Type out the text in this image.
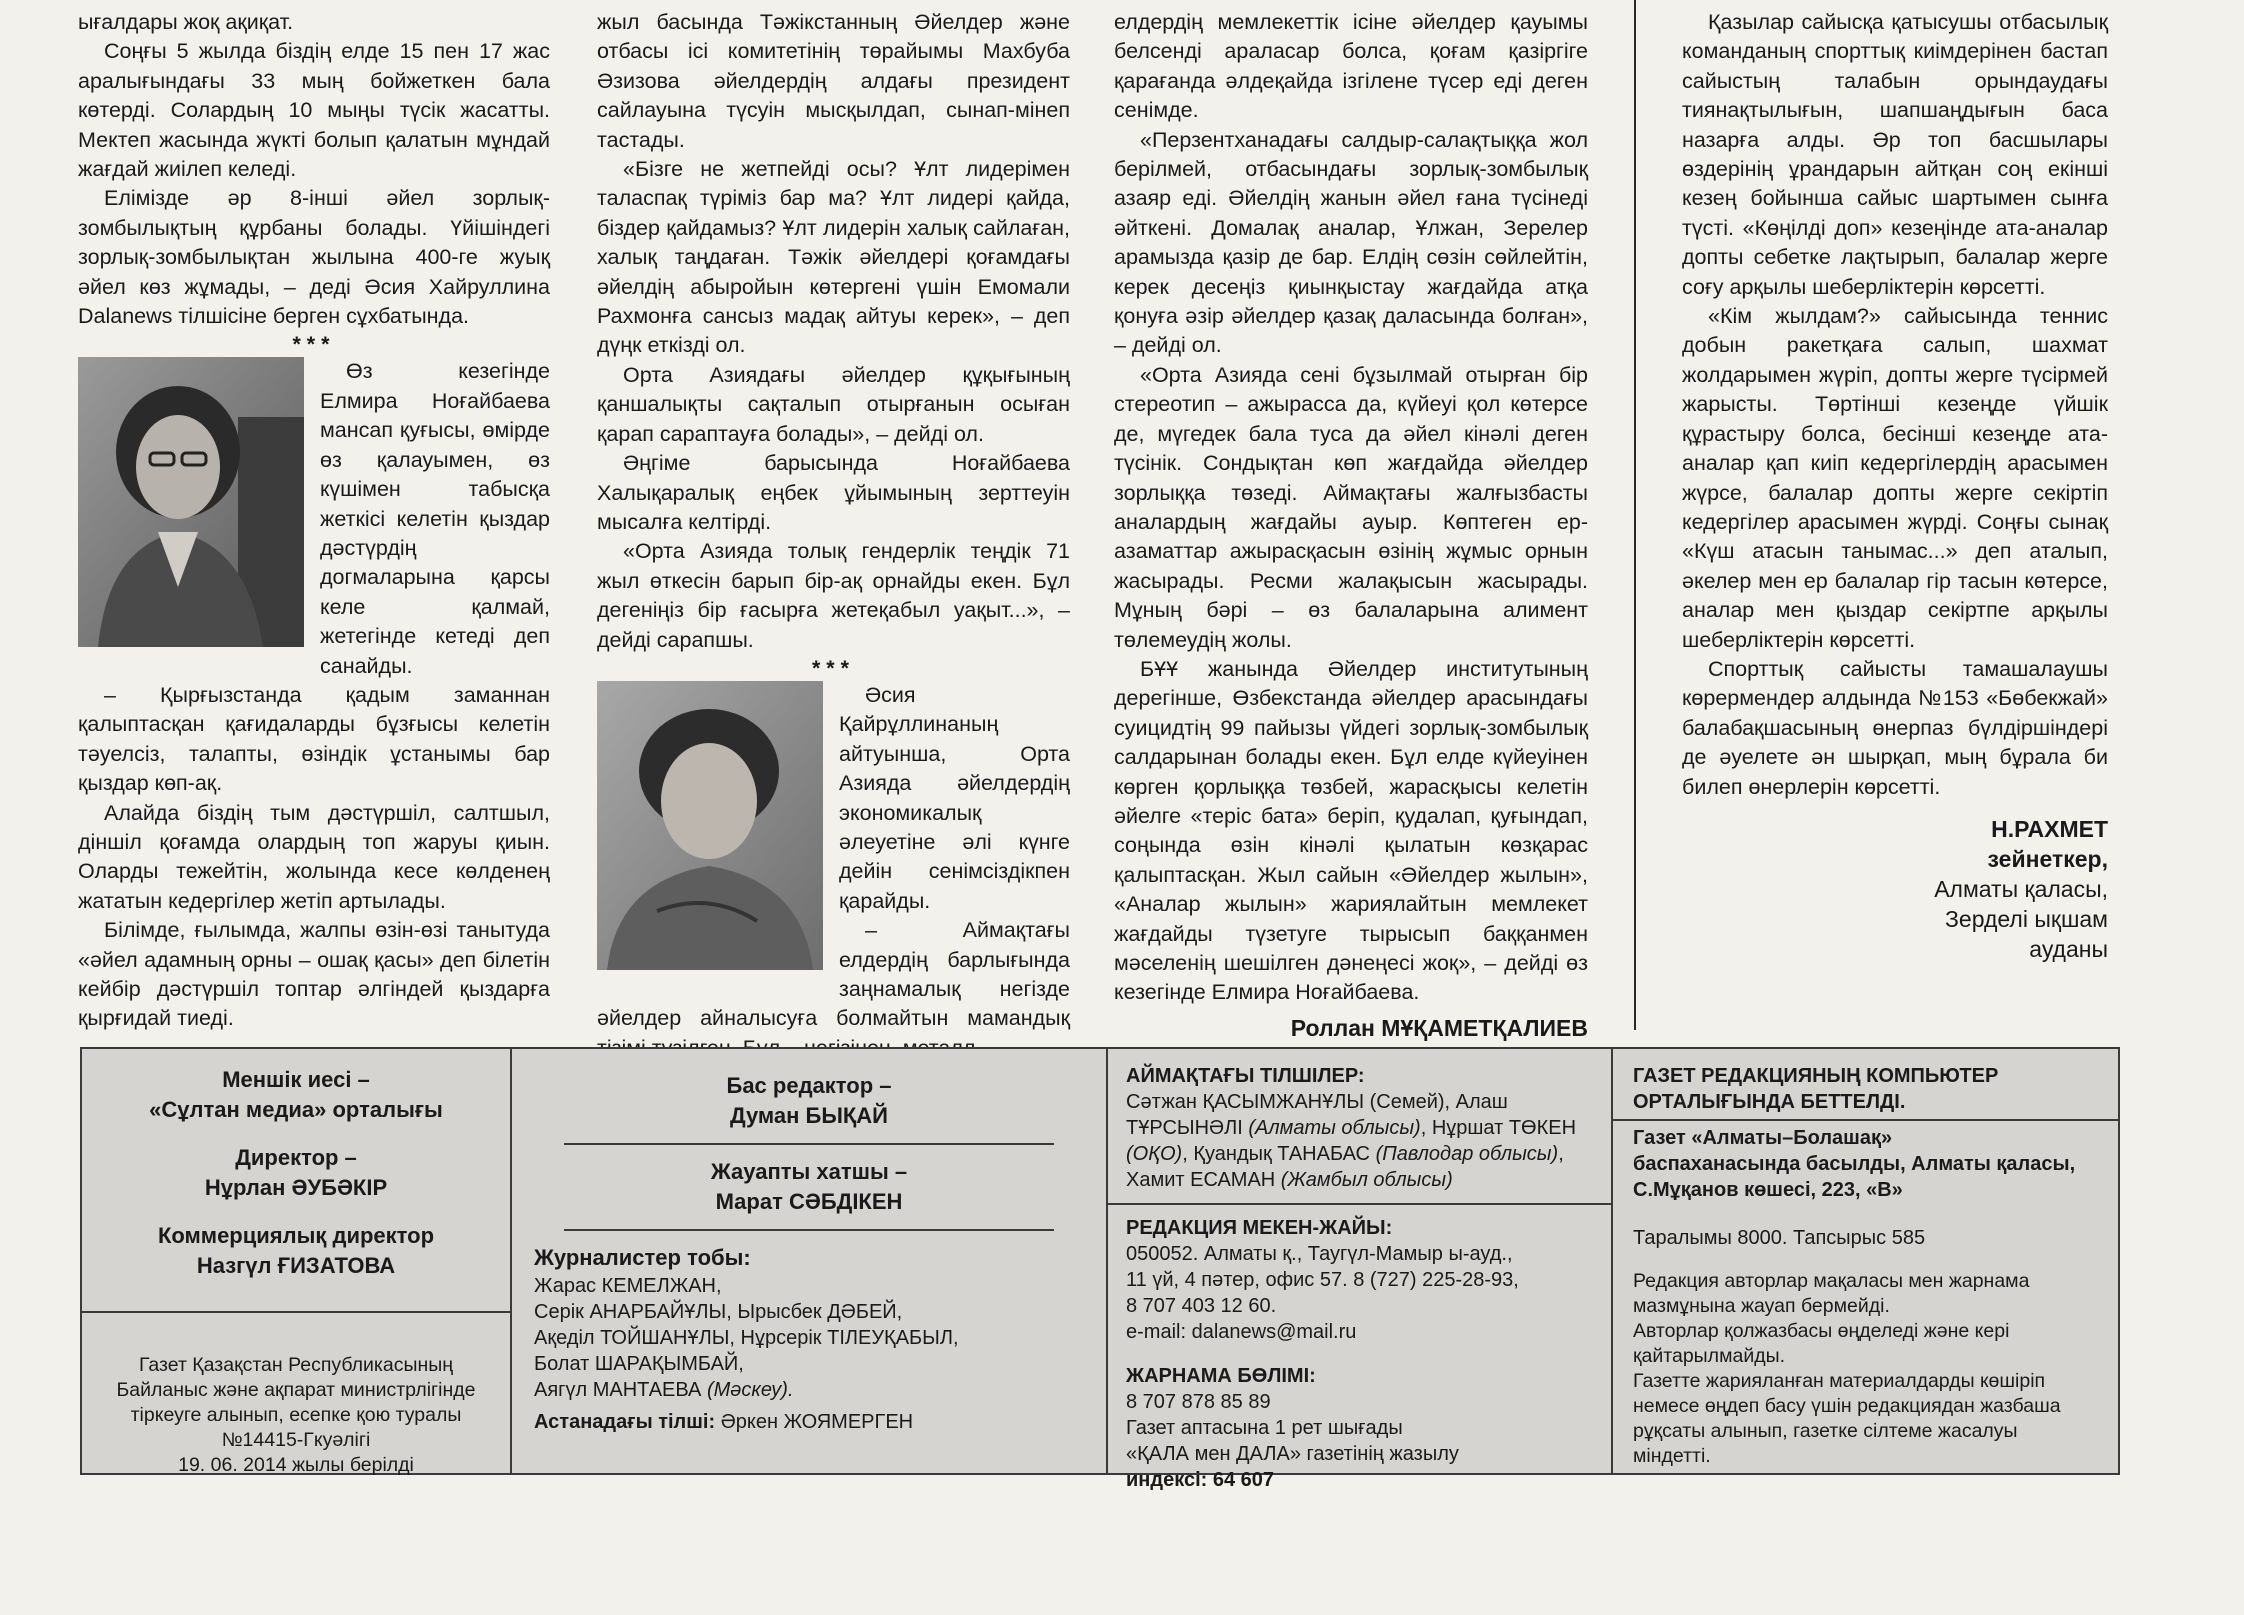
ығалдары жоқ ақиқат.

Соңғы 5 жылда біздің елде 15 пен 17 жас аралығындағы 33 мың бойжеткен бала көтерді. Солардың 10 мыңы түсік жасатты. Мектеп жасында жүкті болып қалатын мұндай жағдай жиілеп келеді.

Елімізде әр 8-інші әйел зорлық-зомбылықтың құрбаны болады. Үйішіндегі зорлық-зомбылықтан жылына 400-ге жуық әйел көз жұмады, – деді Әсия Хайруллина Dalanews тілшісіне берген сұхбатында.

***

Өз кезегінде Елмира Ноғайбаева мансап қуғысы, өмірде өз қалауымен, өз күшімен табысқа жеткісі келетін қыздар дәстүрдің догмаларына қарсы келе қалмай, жетегінде кетеді деп санайды.

– Қырғызстанда қадым заманнан қалыптасқан қағидаларды бұзғысы келетін тәуелсіз, талапты, өзіндік ұстанымы бар қыздар көп-ақ.

Алайда біздің тым дәстүршіл, салтшыл, діншіл қоғамда олардың топ жаруы қиын. Оларды тежейтін, жолында кесе көлденең жататын кедергілер жетіп артылады.

Білімде, ғылымда, жалпы өзін-өзі танытуда «әйел адамның орны – ошақ қасы» деп білетін кейбір дәстүршіл топтар әлгіндей қыздарға қырғидай тиеді.

жыл басында Тәжікстанның Әйелдер және отбасы ісі комитетінің төрайымы Махбуба Әзизова әйелдердің алдағы президент сайлауына түсуін мысқылдап, сынап-мінеп тастады.

«Бізге не жетпейді осы? Ұлт лидерімен таласпақ түріміз бар ма? Ұлт лидері қайда, біздер қайдамыз? Ұлт лидерін халық сайлаған, халық таңдаған. Тәжік әйелдері қоғамдағы әйелдің абыройын көтергені үшін Емомали Рахмонға сансыз мадақ айтуы керек», – деп дүңк еткізді ол.

Орта Азиядағы әйелдер құқығының қаншалықты сақталып отырғанын осыған қарап сараптауға болады», – дейді ол.

Әңгіме барысында Ноғайбаева Халықаралық еңбек ұйымының зерттеуін мысалға келтірді.

«Орта Азияда толық гендерлік теңдік 71 жыл өткесін барып бір-ақ орнайды екен. Бұл дегеніңіз бір ғасырға жетеқабыл уақыт...», – дейді сарапшы.

***

Әсия Қайрұллинаның айтуынша, Орта Азияда әйелдердің экономикалық әлеуетіне әлі күнге дейін сенімсіздікпен қарайды.

– Аймақтағы елдердің барлығында заңнамалық негізде әйелдер айналысуға болмайтын мамандық

елдердің мемлекеттік ісіне әйелдер қауымы белсенді араласар болса, қоғам қазіргіге қарағанда әлдеқайда ізгілене түсер еді деген сенімде.

«Перзентханадағы салдыр-салақтыққа жол берілмей, отбасындағы зорлық-зомбылық азаяр еді. Әйелдің жанын әйел ғана түсінеді әйткені. Домалақ аналар, Ұлжан, Зерелер арамызда қазір де бар. Елдің сөзін сөйлейтін, керек десеңіз қиынқыстау жағдайда атқа қонуға әзір әйелдер қазақ даласында болған», – дейді ол.

«Орта Азияда сені бұзылмай отырған бір стереотип – ажырасса да, күйеуі қол көтерсе де, мүгедек бала туса да әйел кінәлі деген түсінік. Сондықтан көп жағдайда әйелдер зорлыққа төзеді. Аймақтағы жалғызбасты аналардың жағдайы ауыр. Көптеген ер-азаматтар ажырасқасын өзінің жұмыс орнын жасырады. Ресми жалақысын жасырады. Мұның бәрі – өз балаларына алимент төлемеудің жолы.

БҰҰ жанында Әйелдер институтының дерегінше, Өзбекстанда әйелдер арасындағы суицидтің 99 пайызы үйдегі зорлық-зомбылық салдарынан болады екен. Бұл елде күйеуінен көрген қорлыққа төзбей, жарасқысы келетін әйелге «теріс бата» беріп, қудалап, қуғындап, соңында өзін кінәлі қылатын көзқарас қалыптасқан. Жыл сайын «Әйелдер жылын», «Аналар жылын» жариялайтын мемлекет жағдайды түзетуге тырысып баққанмен мәселенің шешілген дәнеңесі жоқ», – дейді өз кезегінде Елмира Ноғайбаева.

Роллан МҰҚАМЕТҚАЛИЕВ

Қазылар сайысқа қатысушы отбасылық команданың спорттық киімдерінен бастап сайыстың талабын орындаудағы тиянақтылығын, шапшаңдығын баса назарға алды. Әр топ басшылары өздерінің ұрандарын айтқан соң екінші кезең бойынша сайыс шартымен сынға түсті. «Көңілді доп» кезеңінде ата-аналар допты себетке лақтырып, балалар жерге соғу арқылы шеберліктерін көрсетті.

«Кім жылдам?» сайысында теннис добын ракетқаға салып, шахмат жолдарымен жүріп, допты жерге түсірмей жарысты. Төртінші кезеңде үйшік құрастыру болса, бесінші кезеңде ата-аналар қап киіп кедергілердің арасымен жүрсе, балалар допты жерге секіртіп кедергілер арасымен жүрді. Соңғы сынақ «Күш атасын танымас...» деп аталып, әкелер мен ер балалар гір тасын көтерсе, аналар мен қыздар секіртпе арқылы шеберліктерін көрсетті.

Спорттық сайысты тамашалаушы көрермендер алдында №153 «Бөбекжай» балабақшасының өнерпаз бүлдіршіндері де әуелете ән шырқап, мың бұрала би билеп өнерлерін көрсетті.

Н.РАХМЕТ
зейнеткер,
Алматы қаласы,
Зерделі ықшам
ауданы
Меншік иесі –
«Сұлтан медиа» орталығы
Директор –
Нұрлан ӘУБӘКІР
Коммерциялық директор
Назгүл ҒИЗАТОВА
Газет Қазақстан Республикасының
Байланыс және ақпарат министрлігінде
тіркеуге алынып, есепке қою туралы
№14415-Гкуәлігі
19. 06. 2014 жылы берілді
Бас редактор –
Думан БЫҚАЙ
Жауапты хатшы –
Марат СӘБДІКЕН
Журналистер тобы:
Жарас КЕМЕЛЖАН,
Серік АНАРБАЙҰЛЫ, Ырысбек ДӘБЕЙ,
Ақеділ ТОЙШАНҰЛЫ, Нұрсерік ТІЛЕУҚАБЫЛ,
Болат ШАРАҚЫМБАЙ,
Аягүл МАНТАЕВА (Мәскеу).
Астанадағы тілші: Әркен ЖОЯМЕРГЕН
АЙМАҚТАҒЫ ТІЛШІЛЕР:
Сәтжан ҚАСЫМЖАНҰЛЫ (Семей), Алаш
ТҰРСЫНӘЛІ (Алматы облысы), Нұршат ТӨКЕН
(ОҚО), Қуандық ТАНАБАС (Павлодар облысы),
Хамит ЕСАМАН (Жамбыл облысы)
РЕДАКЦИЯ МЕКЕН-ЖАЙЫ:
050052. Алматы қ., Таугүл-Мамыр ы-ауд.,
11 үй, 4 пәтер, офис 57. 8 (727) 225-28-93,
8 707 403 12 60.
e-mail: dalanews@mail.ru
ЖАРНАМА БӨЛІМІ:
8 707 878 85 89
Газет аптасына 1 рет шығады
«ҚАЛА мен ДАЛА» газетінің жазылу
индексі: 64 607
ГАЗЕТ РЕДАКЦИЯНЫҢ КОМПЬЮТЕР
ОРТАЛЫҒЫНДА БЕТТЕЛДІ.
Газет «Алматы–Болашақ»
баспаханасында басылды, Алматы қаласы,
С.Мұқанов көшесі, 223, «В»
Таралымы 8000. Тапсырыс 585
Редакция авторлар мақаласы мен жарнама мазмұнына жауап бермейді.
Авторлар қолжазбасы өңделеді және кері қайтарылмайды.
Газетте жарияланған материалдарды көшіріп немесе өңдеп басу үшін редакциядан жазбаша рұқсаты алынып, газетке сілтеме жасалуы міндетті.
